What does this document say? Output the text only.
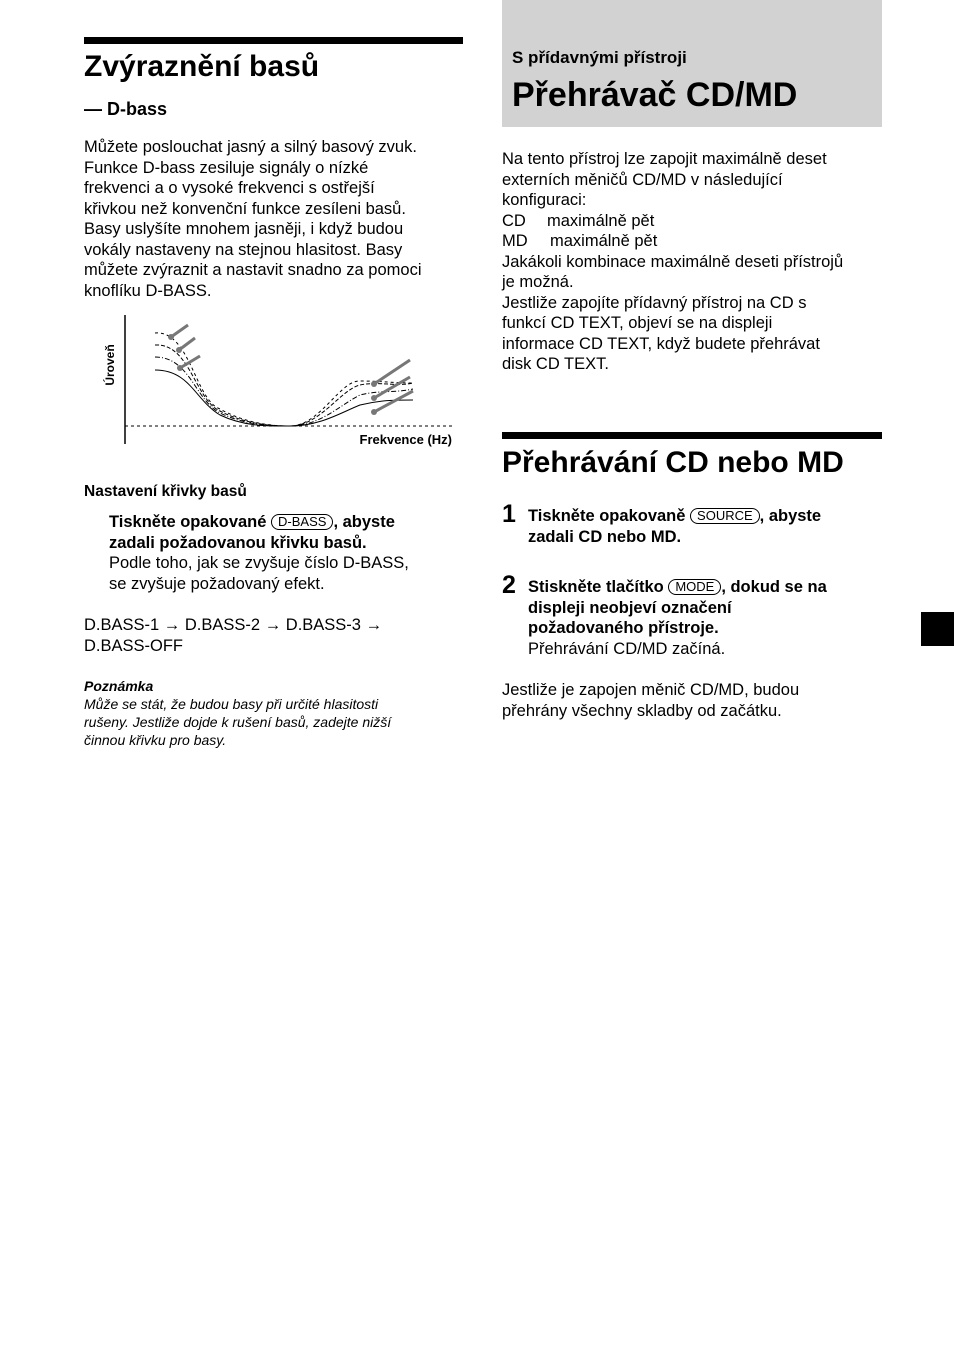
Zvýraznění basů
— D-bass
Můžete poslouchat jasný a silný basový zvuk.
Funkce D-bass zesiluje signály o nízké
frekvenci a o vysoké frekvenci s ostřejší
křivkou než konvenční funkce zesíleni basů.
Basy uslyšíte mnohem jasněji, i když budou
vokály nastaveny na stejnou hlasitost. Basy
můžete zvýraznit a nastavit snadno za pomoci
knoflíku D-BASS.
Úroveň
Frekvence (Hz)
Nastavení křivky basů
Tiskněte opakované D-BASS , abyste
zadali požadovanou křivku basů.
Podle toho, jak se zvyšuje číslo D-BASS,
se zvyšuje požadovaný efekt.
D.BASS-1 → D.BASS-2 → D.BASS-3 →
D.BASS-OFF
Poznámka
Může se stát, že budou basy při určité hlasitosti
rušeny. Jestliže dojde k rušení basů, zadejte nižší
činnou křivku pro basy.
S přídavnými přístroji
Přehrávač CD/MD
Na tento přístroj lze zapojit maximálně deset
externích měničů CD/MD v následující
konfiguraci:
CD maximálně pět
MD maximálně pět
Jakákoli kombinace maximálně deseti přístrojů
je možná.
Jestliže zapojíte přídavný přístroj na CD s
funkcí CD TEXT, objeví se na displeji
informace CD TEXT, když budete přehrávat
disk CD TEXT.
Přehrávání CD nebo MD
1 Tiskněte opakovaně SOURCE , abyste
zadali CD nebo MD.
2 Stiskněte tlačítko MODE , dokud se na
displeji neobjeví označení
požadovaného přístroje.
Přehrávání CD/MD začíná.
Jestliže je zapojen měnič CD/MD, budou
přehrány všechny skladby od začátku.
